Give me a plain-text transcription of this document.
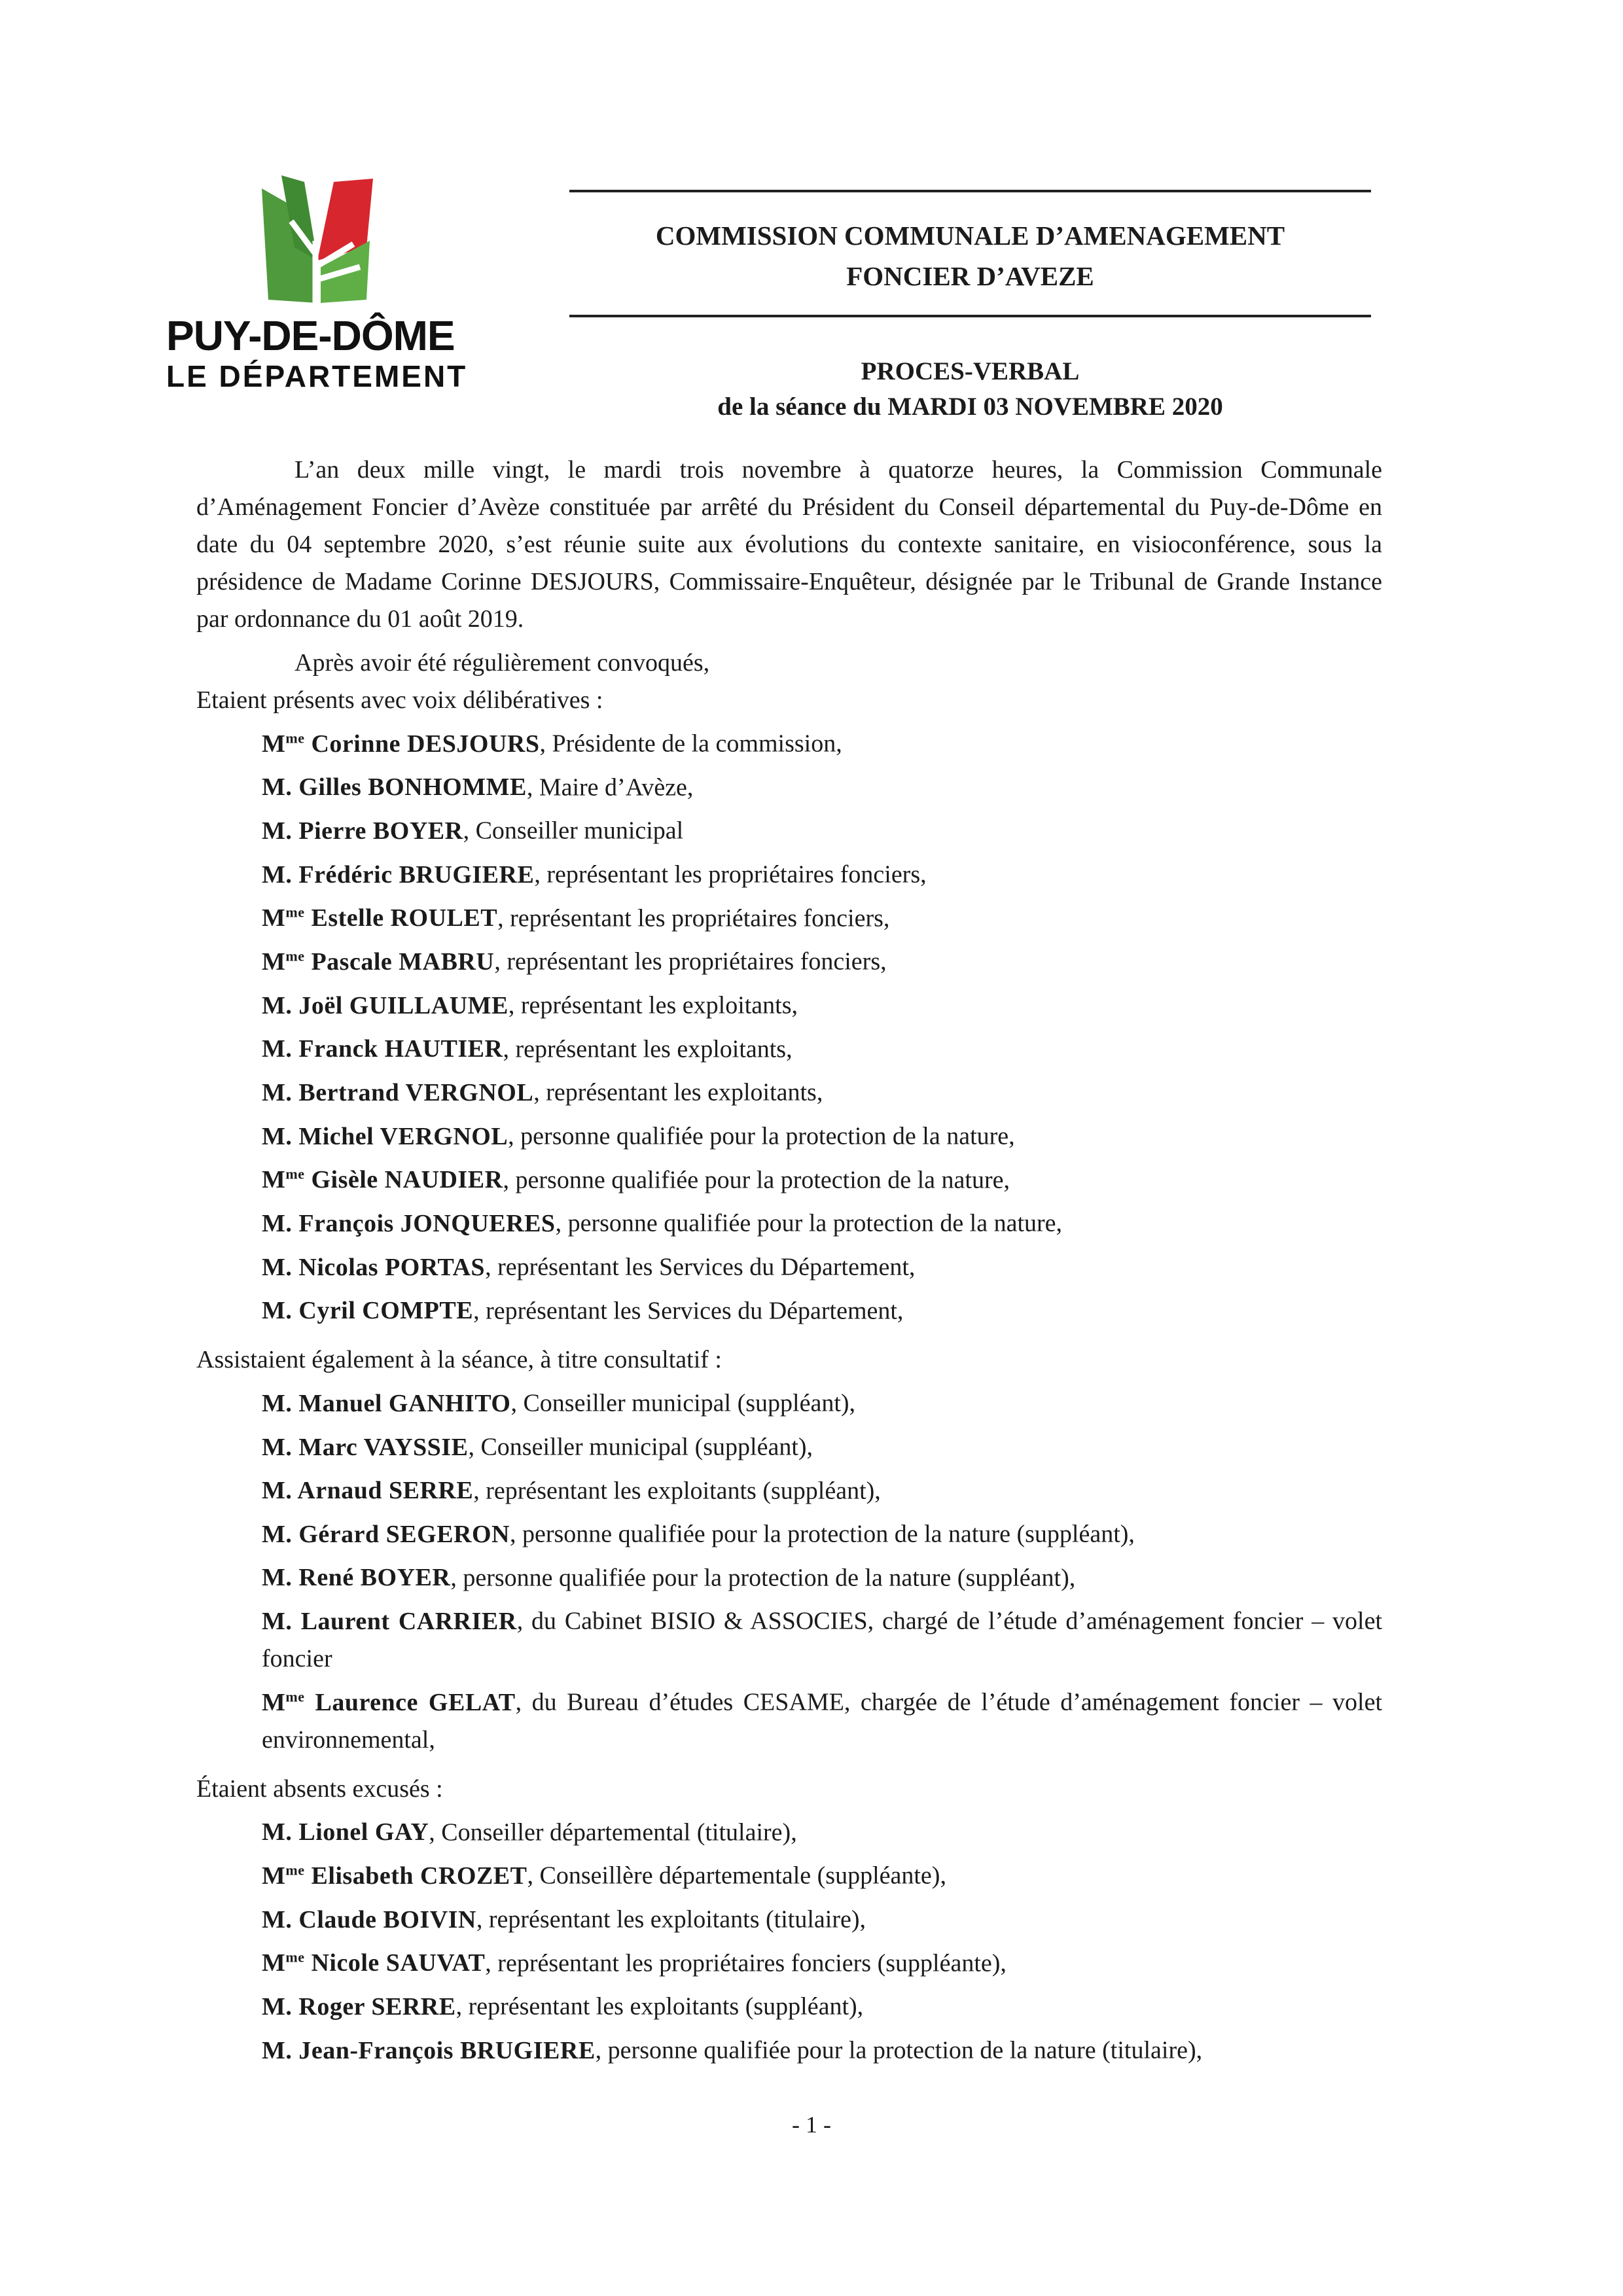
PUY-DE-DÔME
LE DÉPARTEMENT
COMMISSION COMMUNALE D’AMENAGEMENT
FONCIER D’AVEZE
PROCES-VERBAL
de la séance du MARDI 03 NOVEMBRE 2020

L’an deux mille vingt, le mardi trois novembre à quatorze heures, la Commission Communale d’Aménagement Foncier d’Avèze constituée par arrêté du Président du Conseil départemental du Puy-de-Dôme en date du 04 septembre 2020, s’est réunie suite aux évolutions du contexte sanitaire, en visioconférence, sous la présidence de Madame Corinne DESJOURS, Commissaire-Enquêteur, désignée par le Tribunal de Grande Instance par ordonnance du 01 août 2019.

Après avoir été régulièrement convoqués,

Etaient présents avec voix délibératives :

$M^{me}$ Corinne DESJOURS, Présidente de la commission,

M. Gilles BONHOMME, Maire d’Avèze,

M. Pierre BOYER, Conseiller municipal

M. Frédéric BRUGIERE, représentant les propriétaires fonciers,

$M^{me}$ Estelle ROULET, représentant les propriétaires fonciers,

$M^{me}$ Pascale MABRU, représentant les propriétaires fonciers,

M. Joël GUILLAUME, représentant les exploitants,

M. Franck HAUTIER, représentant les exploitants,

M. Bertrand VERGNOL, représentant les exploitants,

M. Michel VERGNOL, personne qualifiée pour la protection de la nature,

$M^{me}$ Gisèle NAUDIER, personne qualifiée pour la protection de la nature,

M. François JONQUERES, personne qualifiée pour la protection de la nature,

M. Nicolas PORTAS, représentant les Services du Département,

M. Cyril COMPTE, représentant les Services du Département,

Assistaient également à la séance, à titre consultatif :

M. Manuel GANHITO, Conseiller municipal (suppléant),

M. Marc VAYSSIE, Conseiller municipal (suppléant),

M. Arnaud SERRE, représentant les exploitants (suppléant),

M. Gérard SEGERON, personne qualifiée pour la protection de la nature (suppléant),

M. René BOYER, personne qualifiée pour la protection de la nature (suppléant),

M. Laurent CARRIER, du Cabinet BISIO & ASSOCIES, chargé de l’étude d’aménagement foncier – volet foncier

$M^{me}$ Laurence GELAT, du Bureau d’études CESAME, chargée de l’étude d’aménagement foncier – volet environnemental,

Étaient absents excusés :

M. Lionel GAY, Conseiller départemental (titulaire),

$M^{me}$ Elisabeth CROZET, Conseillère départementale (suppléante),

M. Claude BOIVIN, représentant les exploitants (titulaire),

$M^{me}$ Nicole SAUVAT, représentant les propriétaires fonciers (suppléante),

M. Roger SERRE, représentant les exploitants (suppléant),

M. Jean-François BRUGIERE, personne qualifiée pour la protection de la nature (titulaire),

- 1 -
